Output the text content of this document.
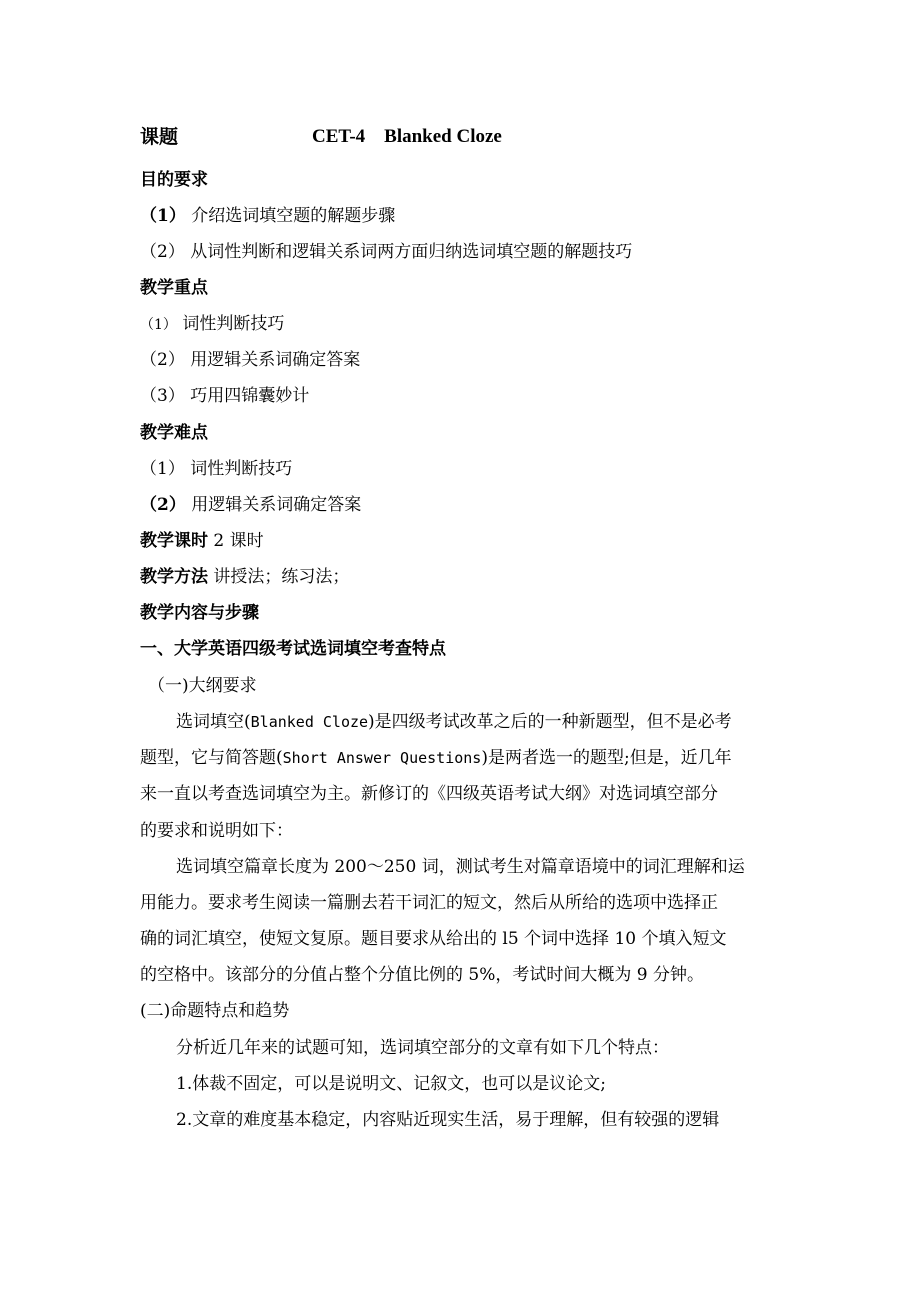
课题	CET-4    Blanked Cloze
目的要求
（1） 介绍选词填空题的解题步骤
（2） 从词性判断和逻辑关系词两方面归纳选词填空题的解题技巧
教学重点
（1） 词性判断技巧
（2） 用逻辑关系词确定答案
（3） 巧用四锦囊妙计
教学难点
（1） 词性判断技巧
（2） 用逻辑关系词确定答案
教学课时 2 课时
教学方法 讲授法；练习法；
教学内容与步骤
一、大学英语四级考试选词填空考查特点
（一)大纲要求
选词填空(Blanked Cloze)是四级考试改革之后的一种新题型，但不是必考
题型，它与简答题(Short Answer Questions)是两者选一的题型;但是，近几年
来一直以考查选词填空为主。新修订的《四级英语考试大纲》对选词填空部分
的要求和说明如下：
选词填空篇章长度为 200～250 词，测试考生对篇章语境中的词汇理解和运
用能力。要求考生阅读一篇删去若干词汇的短文，然后从所给的选项中选择正
确的词汇填空，使短文复原。题目要求从给出的 l5 个词中选择 10 个填入短文
的空格中。该部分的分值占整个分值比例的 5%，考试时间大概为 9 分钟。
(二)命题特点和趋势
分析近几年来的试题可知，选词填空部分的文章有如下几个特点：
1.体裁不固定，可以是说明文、记叙文，也可以是议论文;
2.文章的难度基本稳定，内容贴近现实生活，易于理解，但有较强的逻辑
